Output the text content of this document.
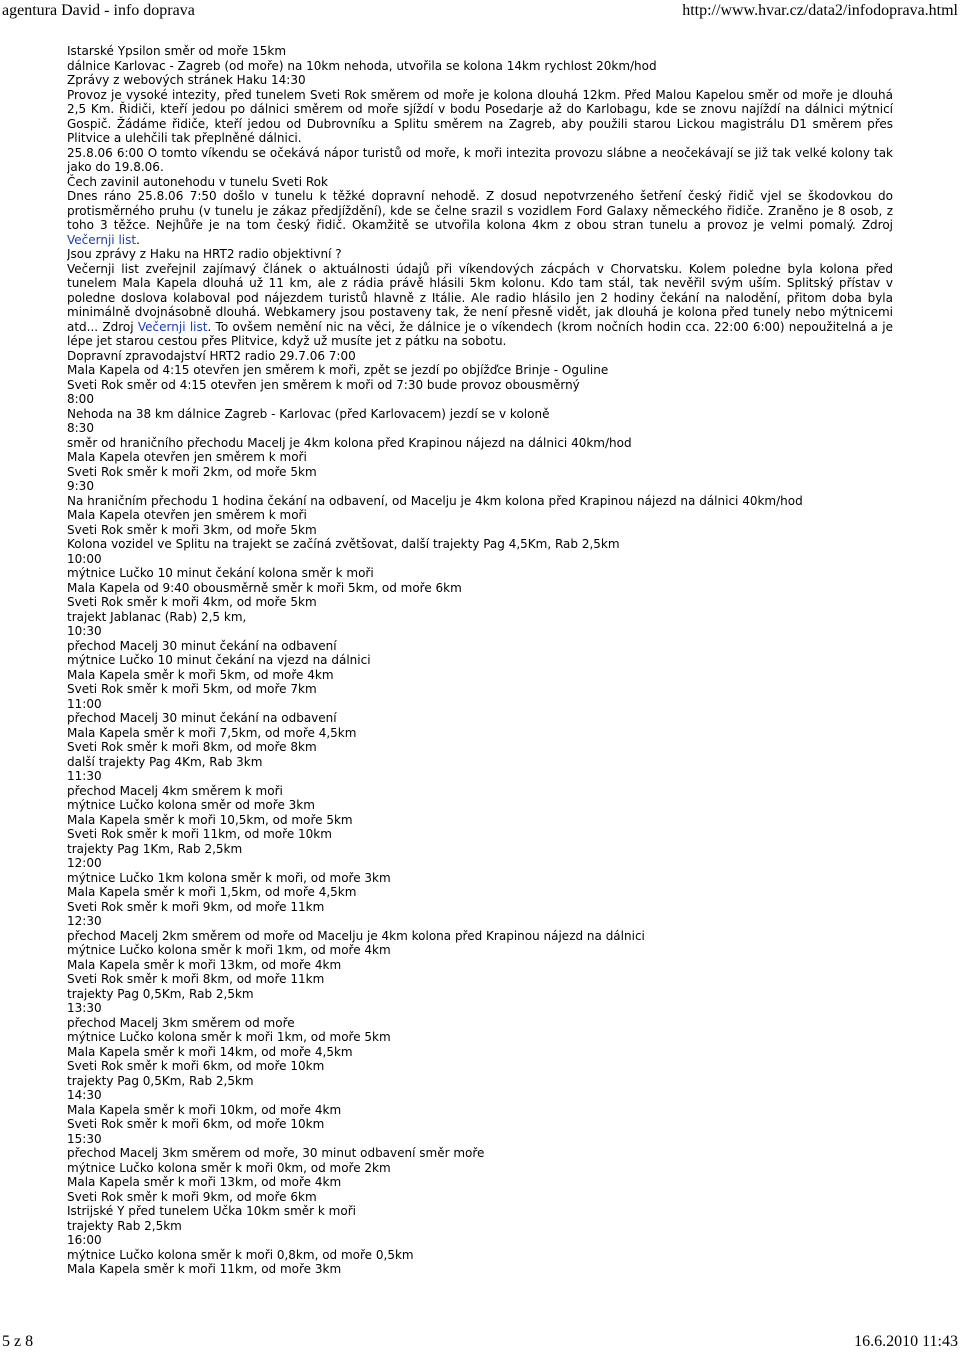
agentura David - info doprava	http://www.hvar.cz/data2/infodoprava.html

Istarské Ypsilon směr od moře 15km

dálnice Karlovac - Zagreb (od moře) na 10km nehoda, utvořila se kolona 14km rychlost 20km/hod

Zprávy z webových stránek Haku 14:30

Provoz je vysoké intezity, před tunelem Sveti Rok směrem od moře je kolona dlouhá 12km. Před Malou Kapelou směr od moře je dlouhá 2,5 Km. Řidiči, kteří jedou po dálnici směrem od moře sjíždí v bodu Posedarje až do Karlobagu, kde se znovu najíždí na dálnici mýtnicí Gospič. Žádáme řidiče, kteří jedou od Dubrovníku a Splitu směrem na Zagreb, aby použili starou Lickou magistrálu D1 směrem přes Plitvice a ulehčili tak přeplněné dálnici.

25.8.06 6:00 O tomto víkendu se očekává nápor turistů od moře, k moři intezita provozu slábne a neočekávají se již tak velké kolony tak jako do 19.8.06.

Čech zavinil autonehodu v tunelu Sveti Rok

Dnes ráno 25.8.06 7:50 došlo v tunelu k těžké dopravní nehodě. Z dosud nepotvrzeného šetření český řidič vjel se škodovkou do protisměrného pruhu (v tunelu je zákaz předjíždění), kde se čelne srazil s vozidlem Ford Galaxy německého řidiče. Zraněno je 8 osob, z toho 3 těžce. Nejhůře je na tom český řidič. Okamžitě se utvořila kolona 4km z obou stran tunelu a provoz je velmi pomalý. Zdroj Večernji list.

Jsou zprávy z Haku na HRT2 radio objektivní ?

Večernji list zveřejnil zajímavý článek o aktuálnosti údajů při víkendových zácpách v Chorvatsku. Kolem poledne byla kolona před tunelem Mala Kapela dlouhá už 11 km, ale z rádia právě hlásili 5km kolonu. Kdo tam stál, tak nevěřil svým uším. Splitský přístav v poledne doslova kolaboval pod nájezdem turistů hlavně z Itálie. Ale radio hlásilo jen 2 hodiny čekání na nalodění, přitom doba byla minimálně dvojnásobně dlouhá. Webkamery jsou postaveny tak, že není přesně vidět, jak dlouhá je kolona před tunely nebo mýtnicemi atd... Zdroj Večernji list. To ovšem nemění nic na věci, že dálnice je o víkendech (krom nočních hodin cca. 22:00 6:00) nepoužitelná a je lépe jet starou cestou přes Plitvice, když už musíte jet z pátku na sobotu.

Dopravní zpravodajství HRT2 radio 29.7.06 7:00

Mala Kapela od 4:15 otevřen jen směrem k moři, zpět se jezdí po objížďce Brinje - Oguline

Sveti Rok směr od 4:15 otevřen jen směrem k moři od 7:30 bude provoz obousměrný

8:00

Nehoda na 38 km dálnice Zagreb - Karlovac (před Karlovacem) jezdí se v koloně

8:30

směr od hraničního přechodu Macelj je 4km kolona před Krapinou nájezd na dálnici 40km/hod

Mala Kapela otevřen jen směrem k moři

Sveti Rok směr k moři 2km, od moře 5km

9:30

Na hraničním přechodu 1 hodina čekání na odbavení, od Macelju je 4km kolona před Krapinou nájezd na dálnici 40km/hod

Mala Kapela otevřen jen směrem k moři

Sveti Rok směr k moři 3km, od moře 5km

Kolona vozidel ve Splitu na trajekt se začíná zvětšovat, další trajekty Pag 4,5Km, Rab 2,5km

10:00

mýtnice Lučko 10 minut čekání kolona směr k moři

Mala Kapela od 9:40 obousměrně směr k moři 5km, od moře 6km

Sveti Rok směr k moři 4km, od moře 5km

trajekt Jablanac (Rab) 2,5 km,

10:30

přechod Macelj 30 minut čekání na odbavení

mýtnice Lučko 10 minut čekání na vjezd na dálnici

Mala Kapela směr k moři 5km, od moře 4km

Sveti Rok směr k moři 5km, od moře 7km

11:00

přechod Macelj 30 minut čekání na odbavení

Mala Kapela směr k moři 7,5km, od moře 4,5km

Sveti Rok směr k moři 8km, od moře 8km

další trajekty Pag 4Km, Rab 3km

11:30

přechod Macelj 4km směrem k moři

mýtnice Lučko kolona směr od moře 3km

Mala Kapela směr k moři 10,5km, od moře 5km

Sveti Rok směr k moři 11km, od moře 10km

trajekty Pag 1Km, Rab 2,5km

12:00

mýtnice Lučko 1km kolona směr k moři, od moře 3km

Mala Kapela směr k moři 1,5km, od moře 4,5km

Sveti Rok směr k moři 9km, od moře 11km

12:30

přechod Macelj 2km směrem od moře od Macelju je 4km kolona před Krapinou nájezd na dálnici

mýtnice Lučko kolona směr k moři 1km, od moře 4km

Mala Kapela směr k moři 13km, od moře 4km

Sveti Rok směr k moři 8km, od moře 11km

trajekty Pag 0,5Km, Rab 2,5km

13:30

přechod Macelj 3km směrem od moře

mýtnice Lučko kolona směr k moři 1km, od moře 5km

Mala Kapela směr k moři 14km, od moře 4,5km

Sveti Rok směr k moři 6km, od moře 10km

trajekty Pag 0,5Km, Rab 2,5km

14:30

Mala Kapela směr k moři 10km, od moře 4km

Sveti Rok směr k moři 6km, od moře 10km

15:30

přechod Macelj 3km směrem od moře, 30 minut odbavení směr moře

mýtnice Lučko kolona směr k moři 0km, od moře 2km

Mala Kapela směr k moři 13km, od moře 4km

Sveti Rok směr k moři 9km, od moře 6km

Istrijské Y před tunelem Učka 10km směr k moři

trajekty Rab 2,5km

16:00

mýtnice Lučko kolona směr k moři 0,8km, od moře 0,5km

Mala Kapela směr k moři 11km, od moře 3km

5 z 8	16.6.2010 11:43
